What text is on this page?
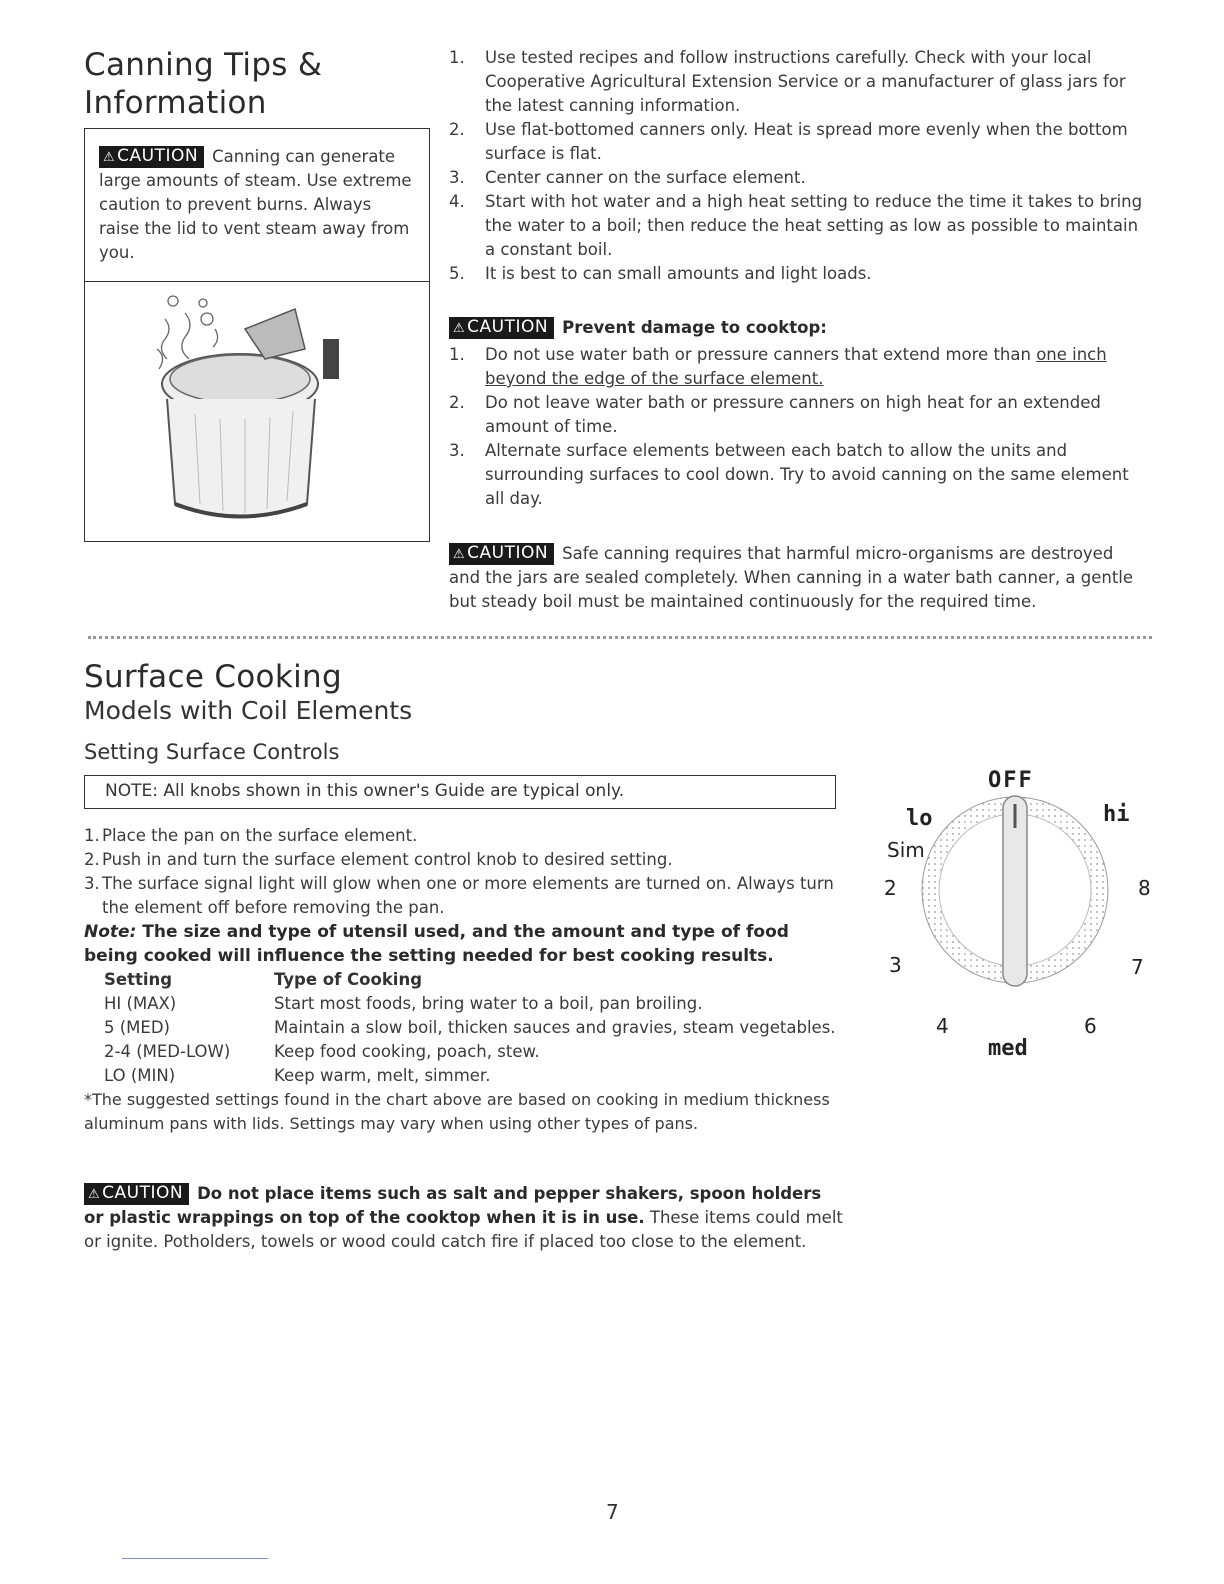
Canning Tips &
Information
⚠ CAUTION Canning can generate large amounts of steam. Use extreme caution to prevent burns. Always raise the lid to vent steam away from you.
1. Use tested recipes and follow instructions carefully. Check with your local Cooperative Agricultural Extension Service or a manufacturer of glass jars for the latest canning information.
2. Use flat-bottomed canners only. Heat is spread more evenly when the bottom surface is flat.
3. Center canner on the surface element.
4. Start with hot water and a high heat setting to reduce the time it takes to bring the water to a boil; then reduce the heat setting as low as possible to maintain a constant boil.
5. It is best to can small amounts and light loads.
⚠ CAUTION Prevent damage to cooktop:
1. Do not use water bath or pressure canners that extend more than one inch beyond the edge of the surface element.
2. Do not leave water bath or pressure canners on high heat for an extended amount of time.
3. Alternate surface elements between each batch to allow the units and surrounding surfaces to cool down. Try to avoid canning on the same element all day.
⚠ CAUTION Safe canning requires that harmful micro-organisms are destroyed and the jars are sealed completely. When canning in a water bath canner, a gentle but steady boil must be maintained continuously for the required time.
Surface Cooking
Models with Coil Elements
Setting Surface Controls
NOTE: All knobs shown in this owner's Guide are typical only.
1. Place the pan on the surface element.
2. Push in and turn the surface element control knob to desired setting.
3. The surface signal light will glow when one or more elements are turned on. Always turn the element off before removing the pan.
Note: The size and type of utensil used, and the amount and type of food being cooked will influence the setting needed for best cooking results.
Setting	Type of Cooking
HI (MAX)	Start most foods, bring water to a boil, pan broiling.
5 (MED)	Maintain a slow boil, thicken sauces and gravies, steam vegetables.
2-4 (MED-LOW)	Keep food cooking, poach, stew.
LO (MIN)	Keep warm, melt, simmer.
*The suggested settings found in the chart above are based on cooking in medium thickness aluminum pans with lids. Settings may vary when using other types of pans.
⚠ CAUTION Do not place items such as salt and pepper shakers, spoon holders or plastic wrappings on top of the cooktop when it is in use. These items could melt or ignite. Potholders, towels or wood could catch fire if placed too close to the element.
OFF
lo	hi
Sim
2	8
3	7
4	6
med
7
